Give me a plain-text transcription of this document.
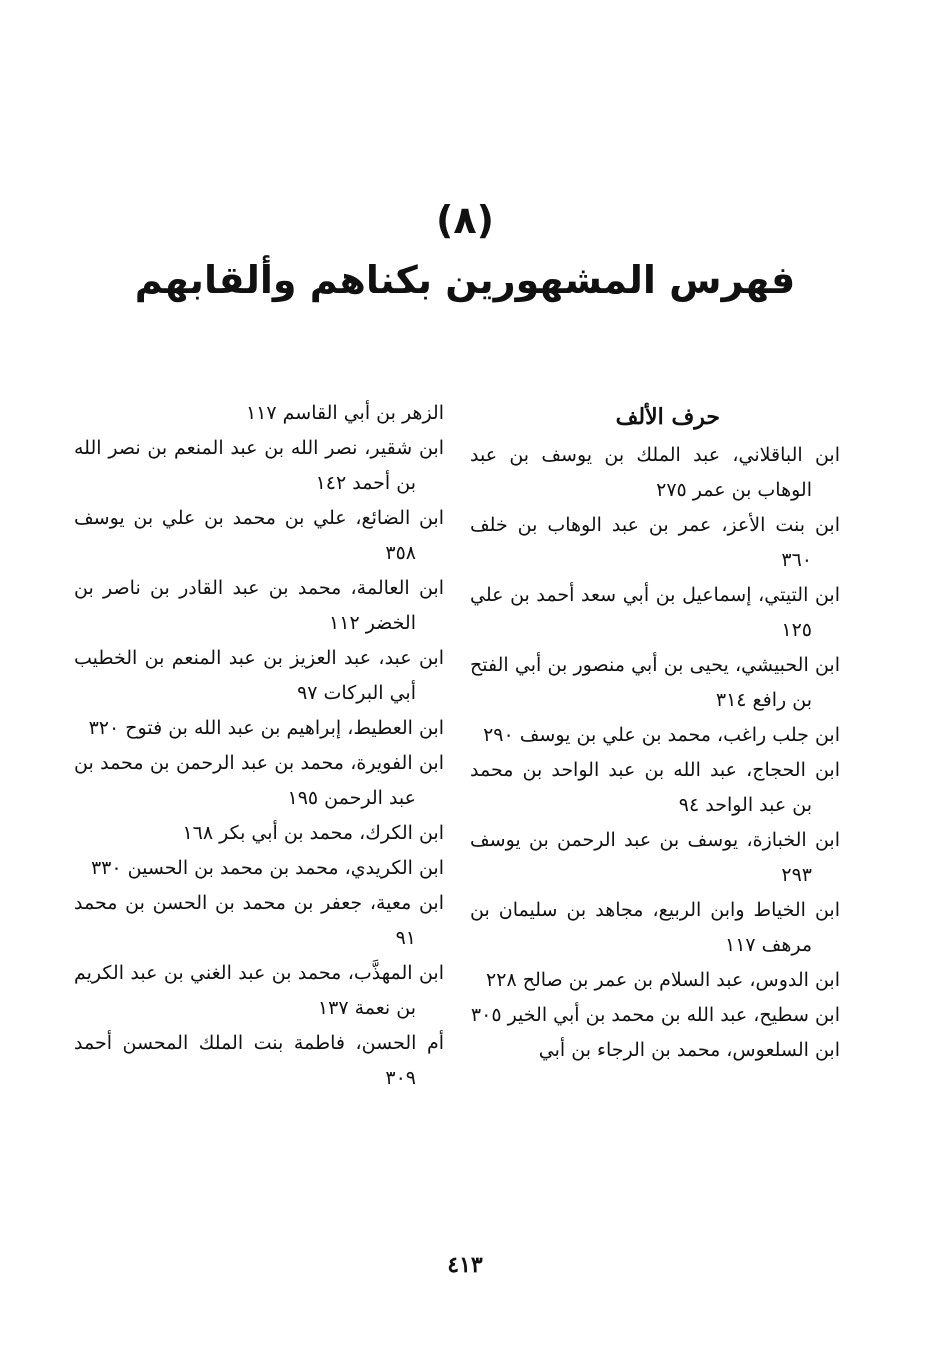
(٨)
فهرس المشهورين بكناهم وألقابهم
حرف الألف
ابن الباقلاني، عبد الملك بن يوسف بن عبد الوهاب بن عمر ٢٧٥
ابن بنت الأعز، عمر بن عبد الوهاب بن خلف ٣٦٠
ابن التيتي، إسماعيل بن أبي سعد أحمد بن علي ١٢٥
ابن الحبيشي، يحيى بن أبي منصور بن أبي الفتح بن رافع ٣١٤
ابن جلب راغب، محمد بن علي بن يوسف ٢٩٠
ابن الحجاج، عبد الله بن عبد الواحد بن محمد بن عبد الواحد ٩٤
ابن الخبازة، يوسف بن عبد الرحمن بن يوسف ٢٩٣
ابن الخياط وابن الربيع، مجاهد بن سليمان بن مرهف ١١٧
ابن الدوس، عبد السلام بن عمر بن صالح ٢٢٨
ابن سطيح، عبد الله بن محمد بن أبي الخير ٣٠٥
ابن السلعوس، محمد بن الرجاء بن أبي
الزهر بن أبي القاسم ١١٧
ابن شقير، نصر الله بن عبد المنعم بن نصر الله بن أحمد ١٤٢
ابن الضائع، علي بن محمد بن علي بن يوسف ٣٥٨
ابن العالمة، محمد بن عبد القادر بن ناصر بن الخضر ١١٢
ابن عبد، عبد العزيز بن عبد المنعم بن الخطيب أبي البركات ٩٧
ابن العطيط، إبراهيم بن عبد الله بن فتوح ٣٢٠
ابن الفويرة، محمد بن عبد الرحمن بن محمد بن عبد الرحمن ١٩٥
ابن الكرك، محمد بن أبي بكر ١٦٨
ابن الكريدي، محمد بن محمد بن الحسين ٣٣٠
ابن معية، جعفر بن محمد بن الحسن بن محمد ٩١
ابن المهذَّب، محمد بن عبد الغني بن عبد الكريم بن نعمة ١٣٧
أم الحسن، فاطمة بنت الملك المحسن أحمد ٣٠٩
٤١٣
